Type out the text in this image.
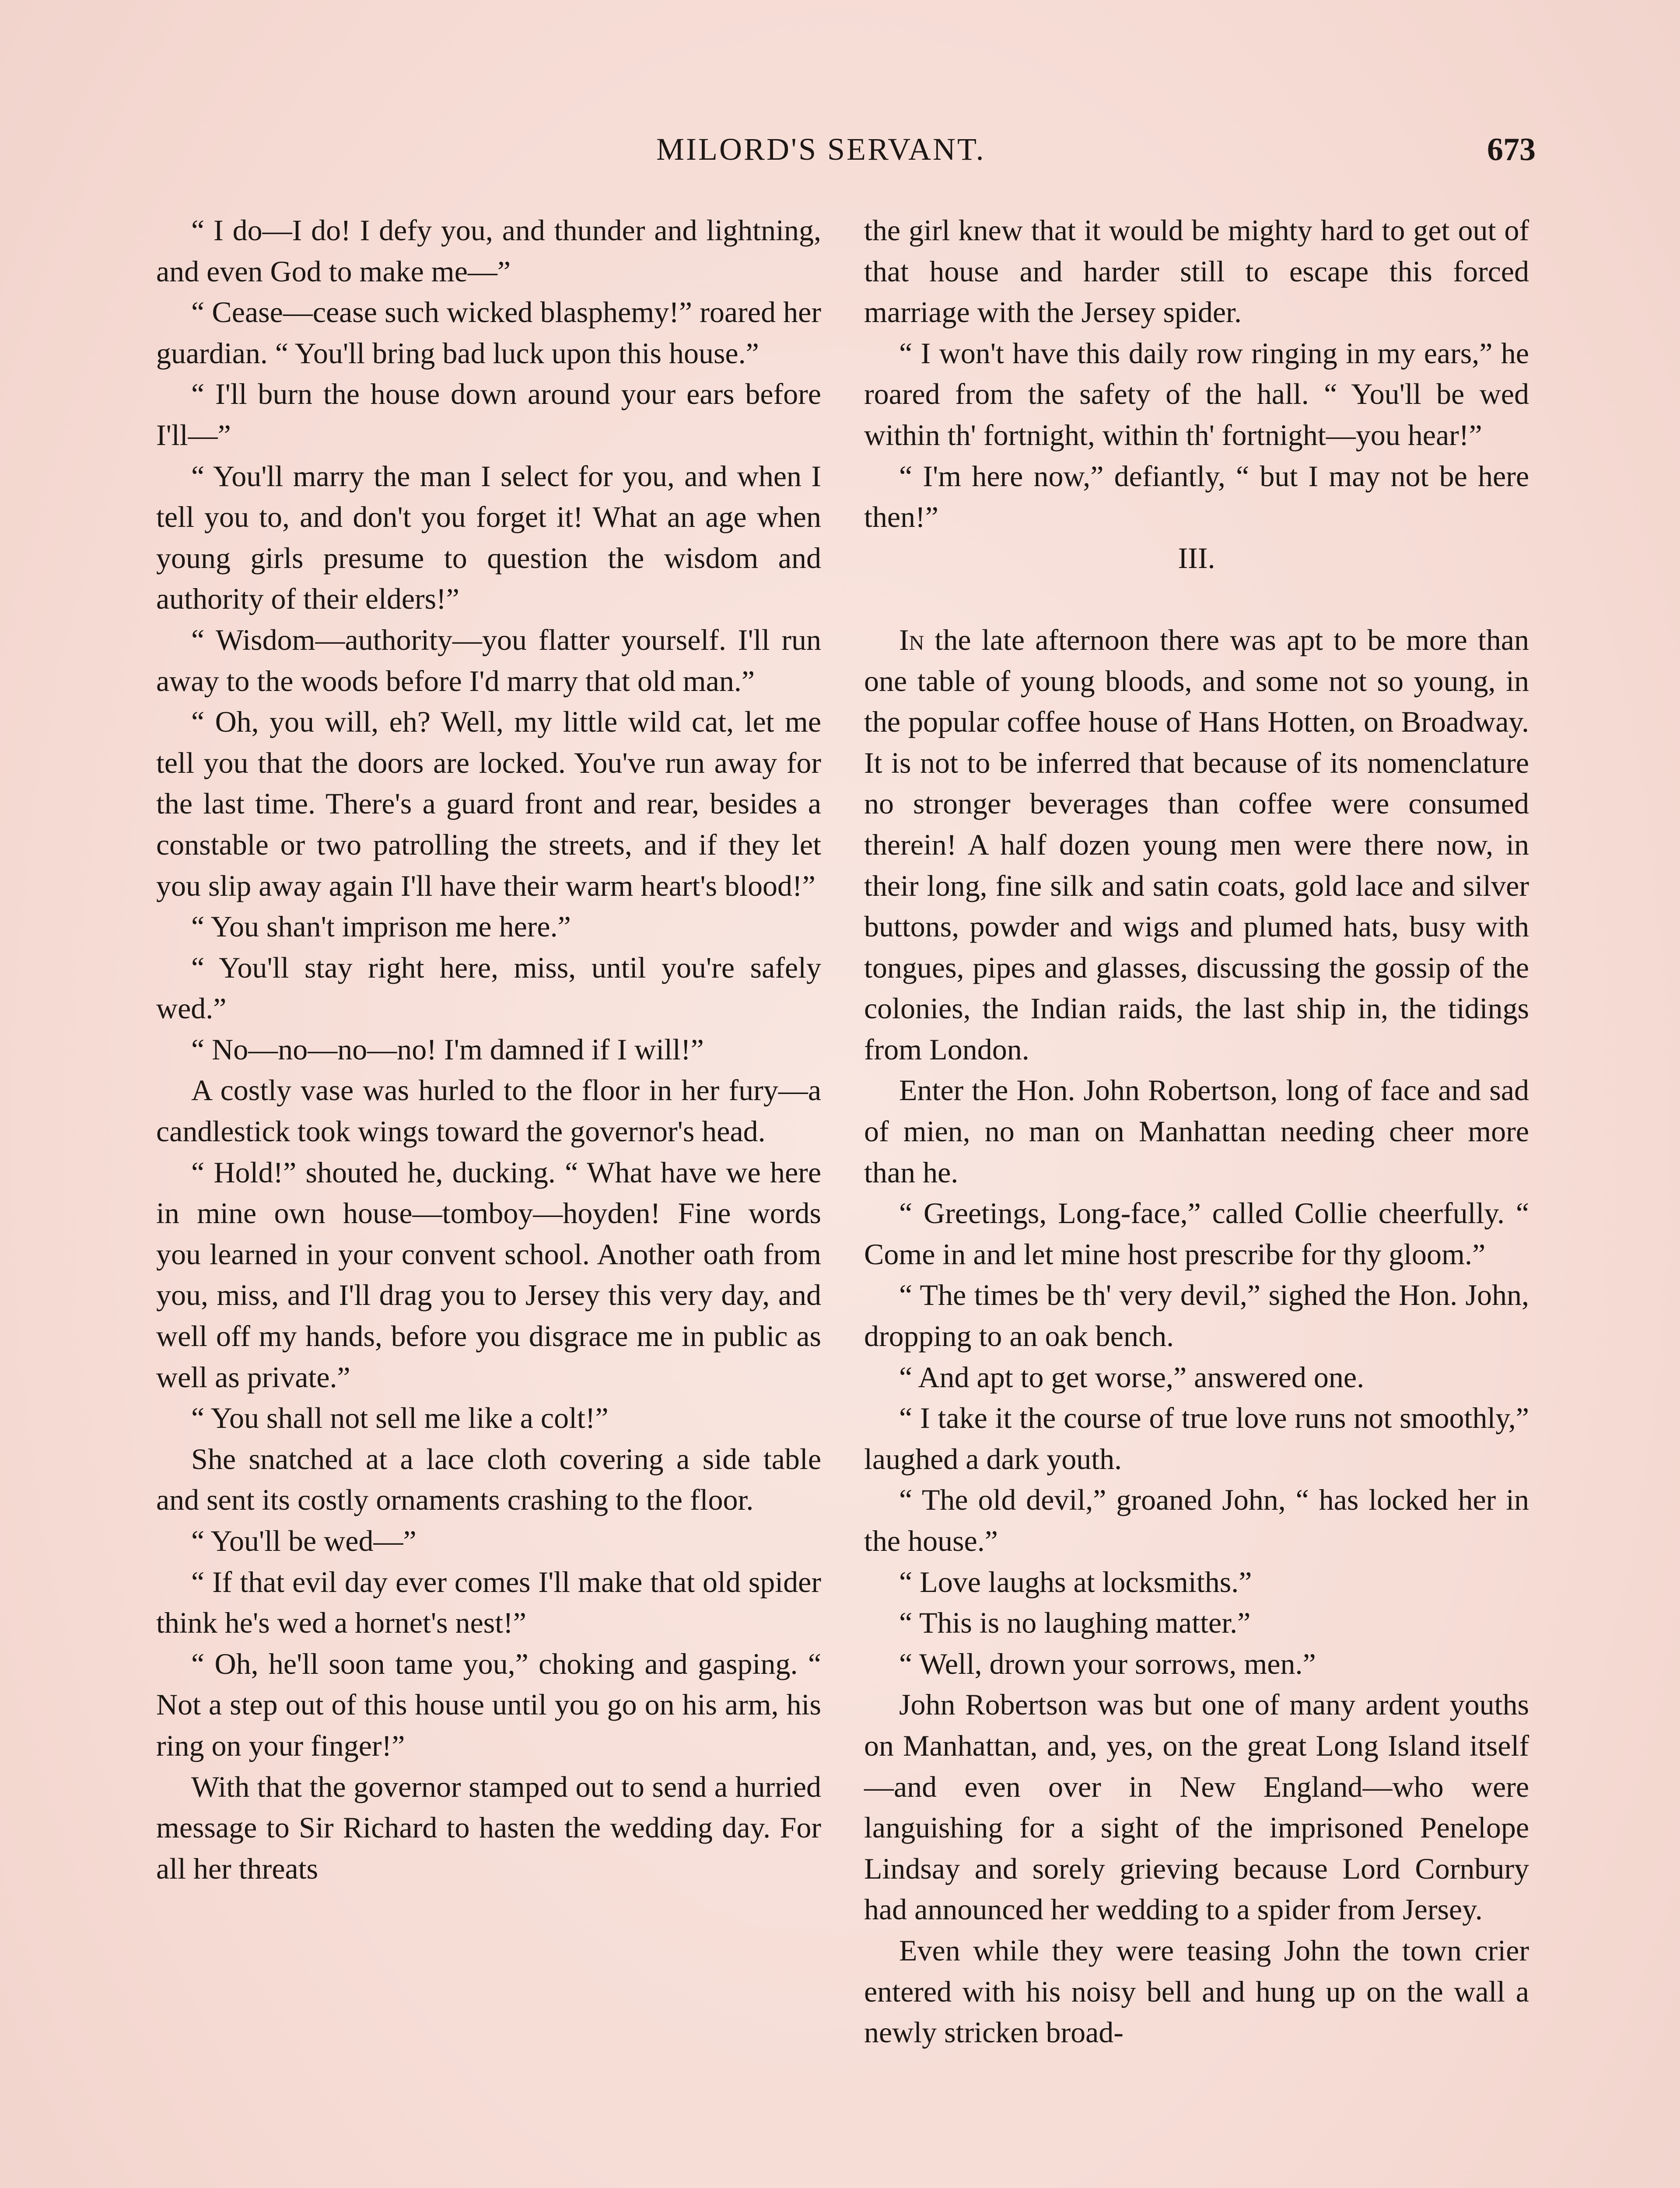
MILORD'S SERVANT.	673

“ I do—I do! I defy you, and thunder and lightning, and even God to make me—”

“ Cease—cease such wicked blasphemy!” roared her guardian. “ You'll bring bad luck upon this house.”

“ I'll burn the house down around your ears before I'll—”

“ You'll marry the man I select for you, and when I tell you to, and don't you forget it! What an age when young girls presume to question the wisdom and authority of their elders!”

“ Wisdom—authority—you flatter yourself. I'll run away to the woods before I'd marry that old man.”

“ Oh, you will, eh? Well, my little wild cat, let me tell you that the doors are locked. You've run away for the last time. There's a guard front and rear, besides a constable or two patrolling the streets, and if they let you slip away again I'll have their warm heart's blood!”

“ You shan't imprison me here.”

“ You'll stay right here, miss, until you're safely wed.”

“ No—no—no—no! I'm damned if I will!”

A costly vase was hurled to the floor in her fury—a candlestick took wings toward the governor's head.

“ Hold!” shouted he, ducking. “ What have we here in mine own house—tomboy—hoyden! Fine words you learned in your convent school. Another oath from you, miss, and I'll drag you to Jersey this very day, and well off my hands, before you disgrace me in public as well as private.”

“ You shall not sell me like a colt!”

She snatched at a lace cloth covering a side table and sent its costly ornaments crashing to the floor.

“ You'll be wed—”

“ If that evil day ever comes I'll make that old spider think he's wed a hornet's nest!”

“ Oh, he'll soon tame you,” choking and gasping. “ Not a step out of this house until you go on his arm, his ring on your finger!”

With that the governor stamped out to send a hurried message to Sir Richard to hasten the wedding day. For all her threats

the girl knew that it would be mighty hard to get out of that house and harder still to escape this forced marriage with the Jersey spider.

“ I won't have this daily row ringing in my ears,” he roared from the safety of the hall. “ You'll be wed within th' fortnight, within th' fortnight—you hear!”

“ I'm here now,” defiantly, “ but I may not be here then!”

III.

In the late afternoon there was apt to be more than one table of young bloods, and some not so young, in the popular coffee house of Hans Hotten, on Broadway. It is not to be inferred that because of its nomenclature no stronger beverages than coffee were consumed therein! A half dozen young men were there now, in their long, fine silk and satin coats, gold lace and silver buttons, powder and wigs and plumed hats, busy with tongues, pipes and glasses, discussing the gossip of the colonies, the Indian raids, the last ship in, the tidings from London.

Enter the Hon. John Robertson, long of face and sad of mien, no man on Manhattan needing cheer more than he.

“ Greetings, Long-face,” called Collie cheerfully. “ Come in and let mine host prescribe for thy gloom.”

“ The times be th' very devil,” sighed the Hon. John, dropping to an oak bench.

“ And apt to get worse,” answered one.

“ I take it the course of true love runs not smoothly,” laughed a dark youth.

“ The old devil,” groaned John, “ has locked her in the house.”

“ Love laughs at locksmiths.”

“ This is no laughing matter.”

“ Well, drown your sorrows, men.”

John Robertson was but one of many ardent youths on Manhattan, and, yes, on the great Long Island itself—and even over in New England—who were languishing for a sight of the imprisoned Penelope Lindsay and sorely grieving because Lord Cornbury had announced her wedding to a spider from Jersey.

Even while they were teasing John the town crier entered with his noisy bell and hung up on the wall a newly stricken broad-
